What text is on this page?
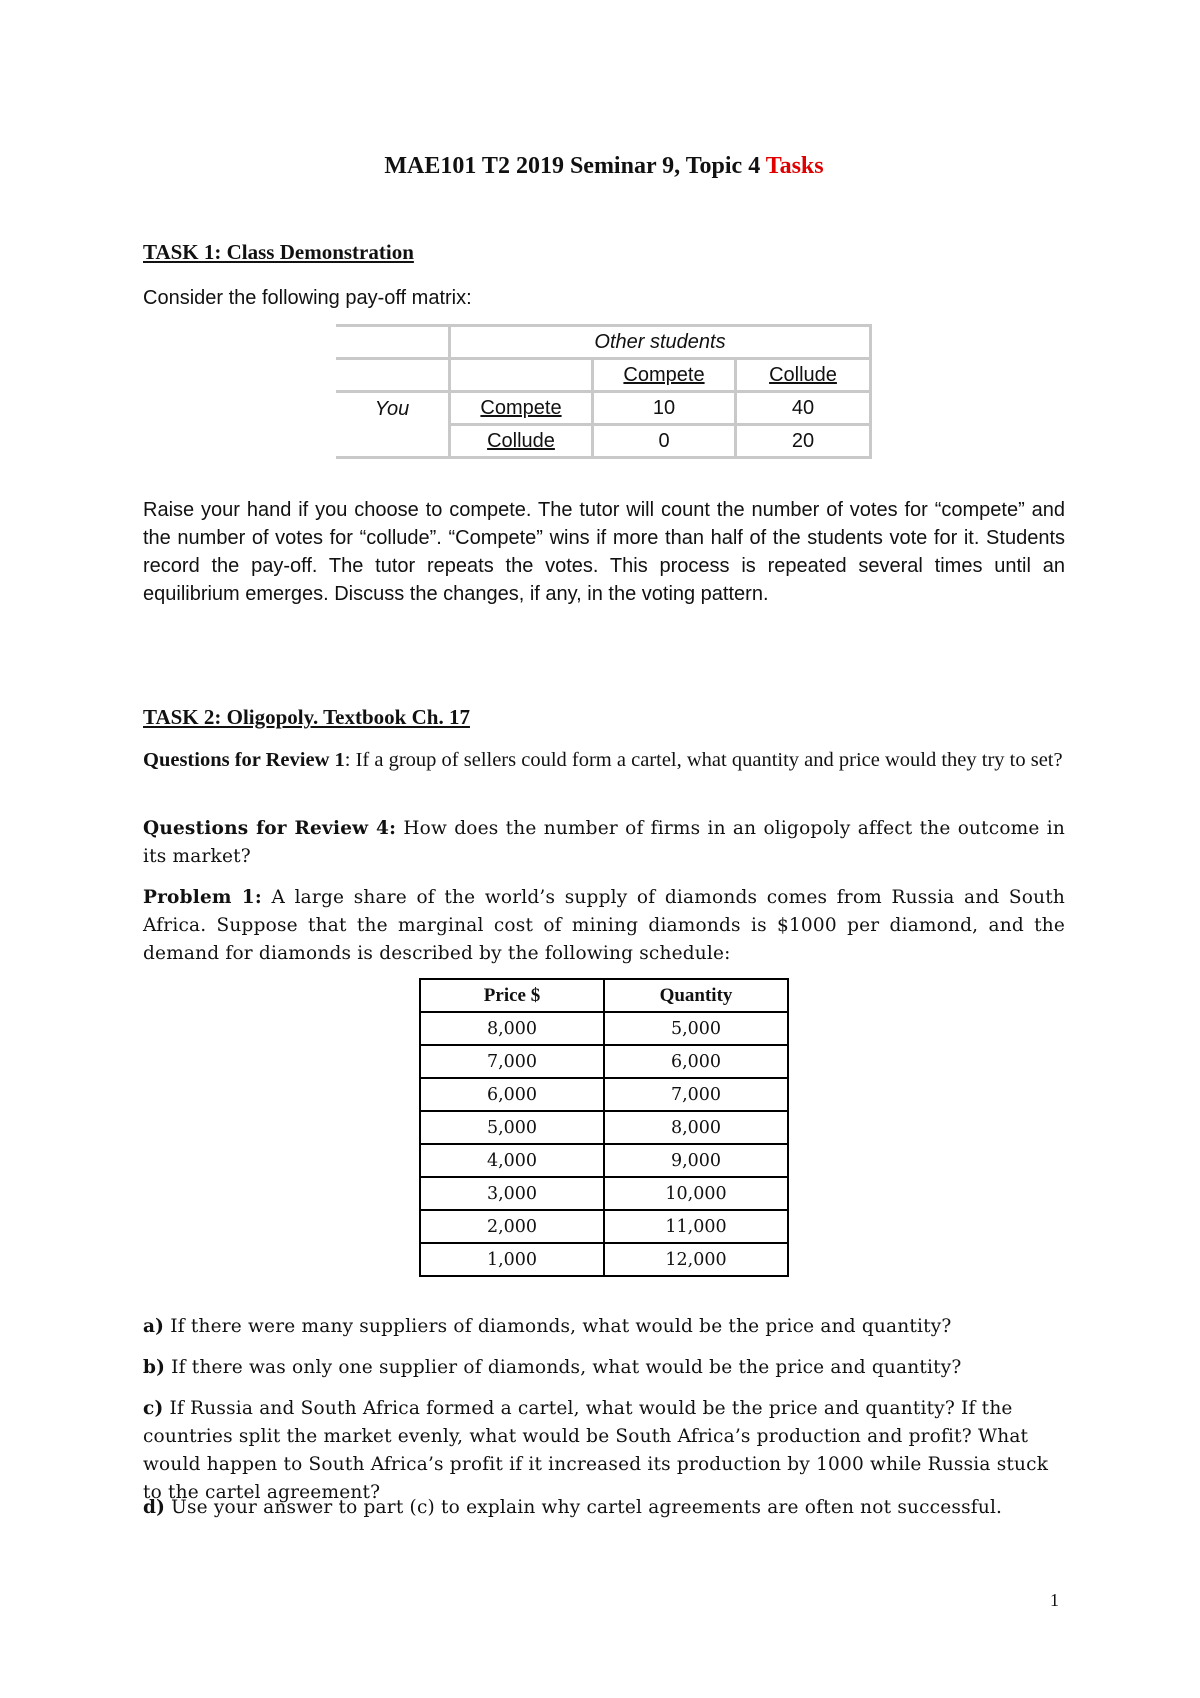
MAE101 T2 2019 Seminar 9, Topic 4 Tasks
TASK 1: Class Demonstration
Consider the following pay-off matrix:
	Other students		
		Compete	Collude
You	Compete	10	40
	Collude	0	20
Raise your hand if you choose to compete. The tutor will count the number of votes for “compete” and the number of votes for “collude”. “Compete” wins if more than half of the students vote for it. Students record the pay-off. The tutor repeats the votes. This process is repeated several times until an equilibrium emerges. Discuss the changes, if any, in the voting pattern.
TASK 2: Oligopoly. Textbook Ch. 17
Questions for Review 1: If a group of sellers could form a cartel, what quantity and price would they try to set?
Questions for Review 4: How does the number of firms in an oligopoly affect the outcome in its market?
Problem 1: A large share of the world’s supply of diamonds comes from Russia and South Africa. Suppose that the marginal cost of mining diamonds is $1000 per diamond, and the demand for diamonds is described by the following schedule:
Price $	Quantity
8,000	5,000
7,000	6,000
6,000	7,000
5,000	8,000
4,000	9,000
3,000	10,000
2,000	11,000
1,000	12,000
a) If there were many suppliers of diamonds, what would be the price and quantity?
b) If there was only one supplier of diamonds, what would be the price and quantity?
c) If Russia and South Africa formed a cartel, what would be the price and quantity? If the countries split the market evenly, what would be South Africa’s production and profit? What would happen to South Africa’s profit if it increased its production by 1000 while Russia stuck to the cartel agreement?
d) Use your answer to part (c) to explain why cartel agreements are often not successful.
1
